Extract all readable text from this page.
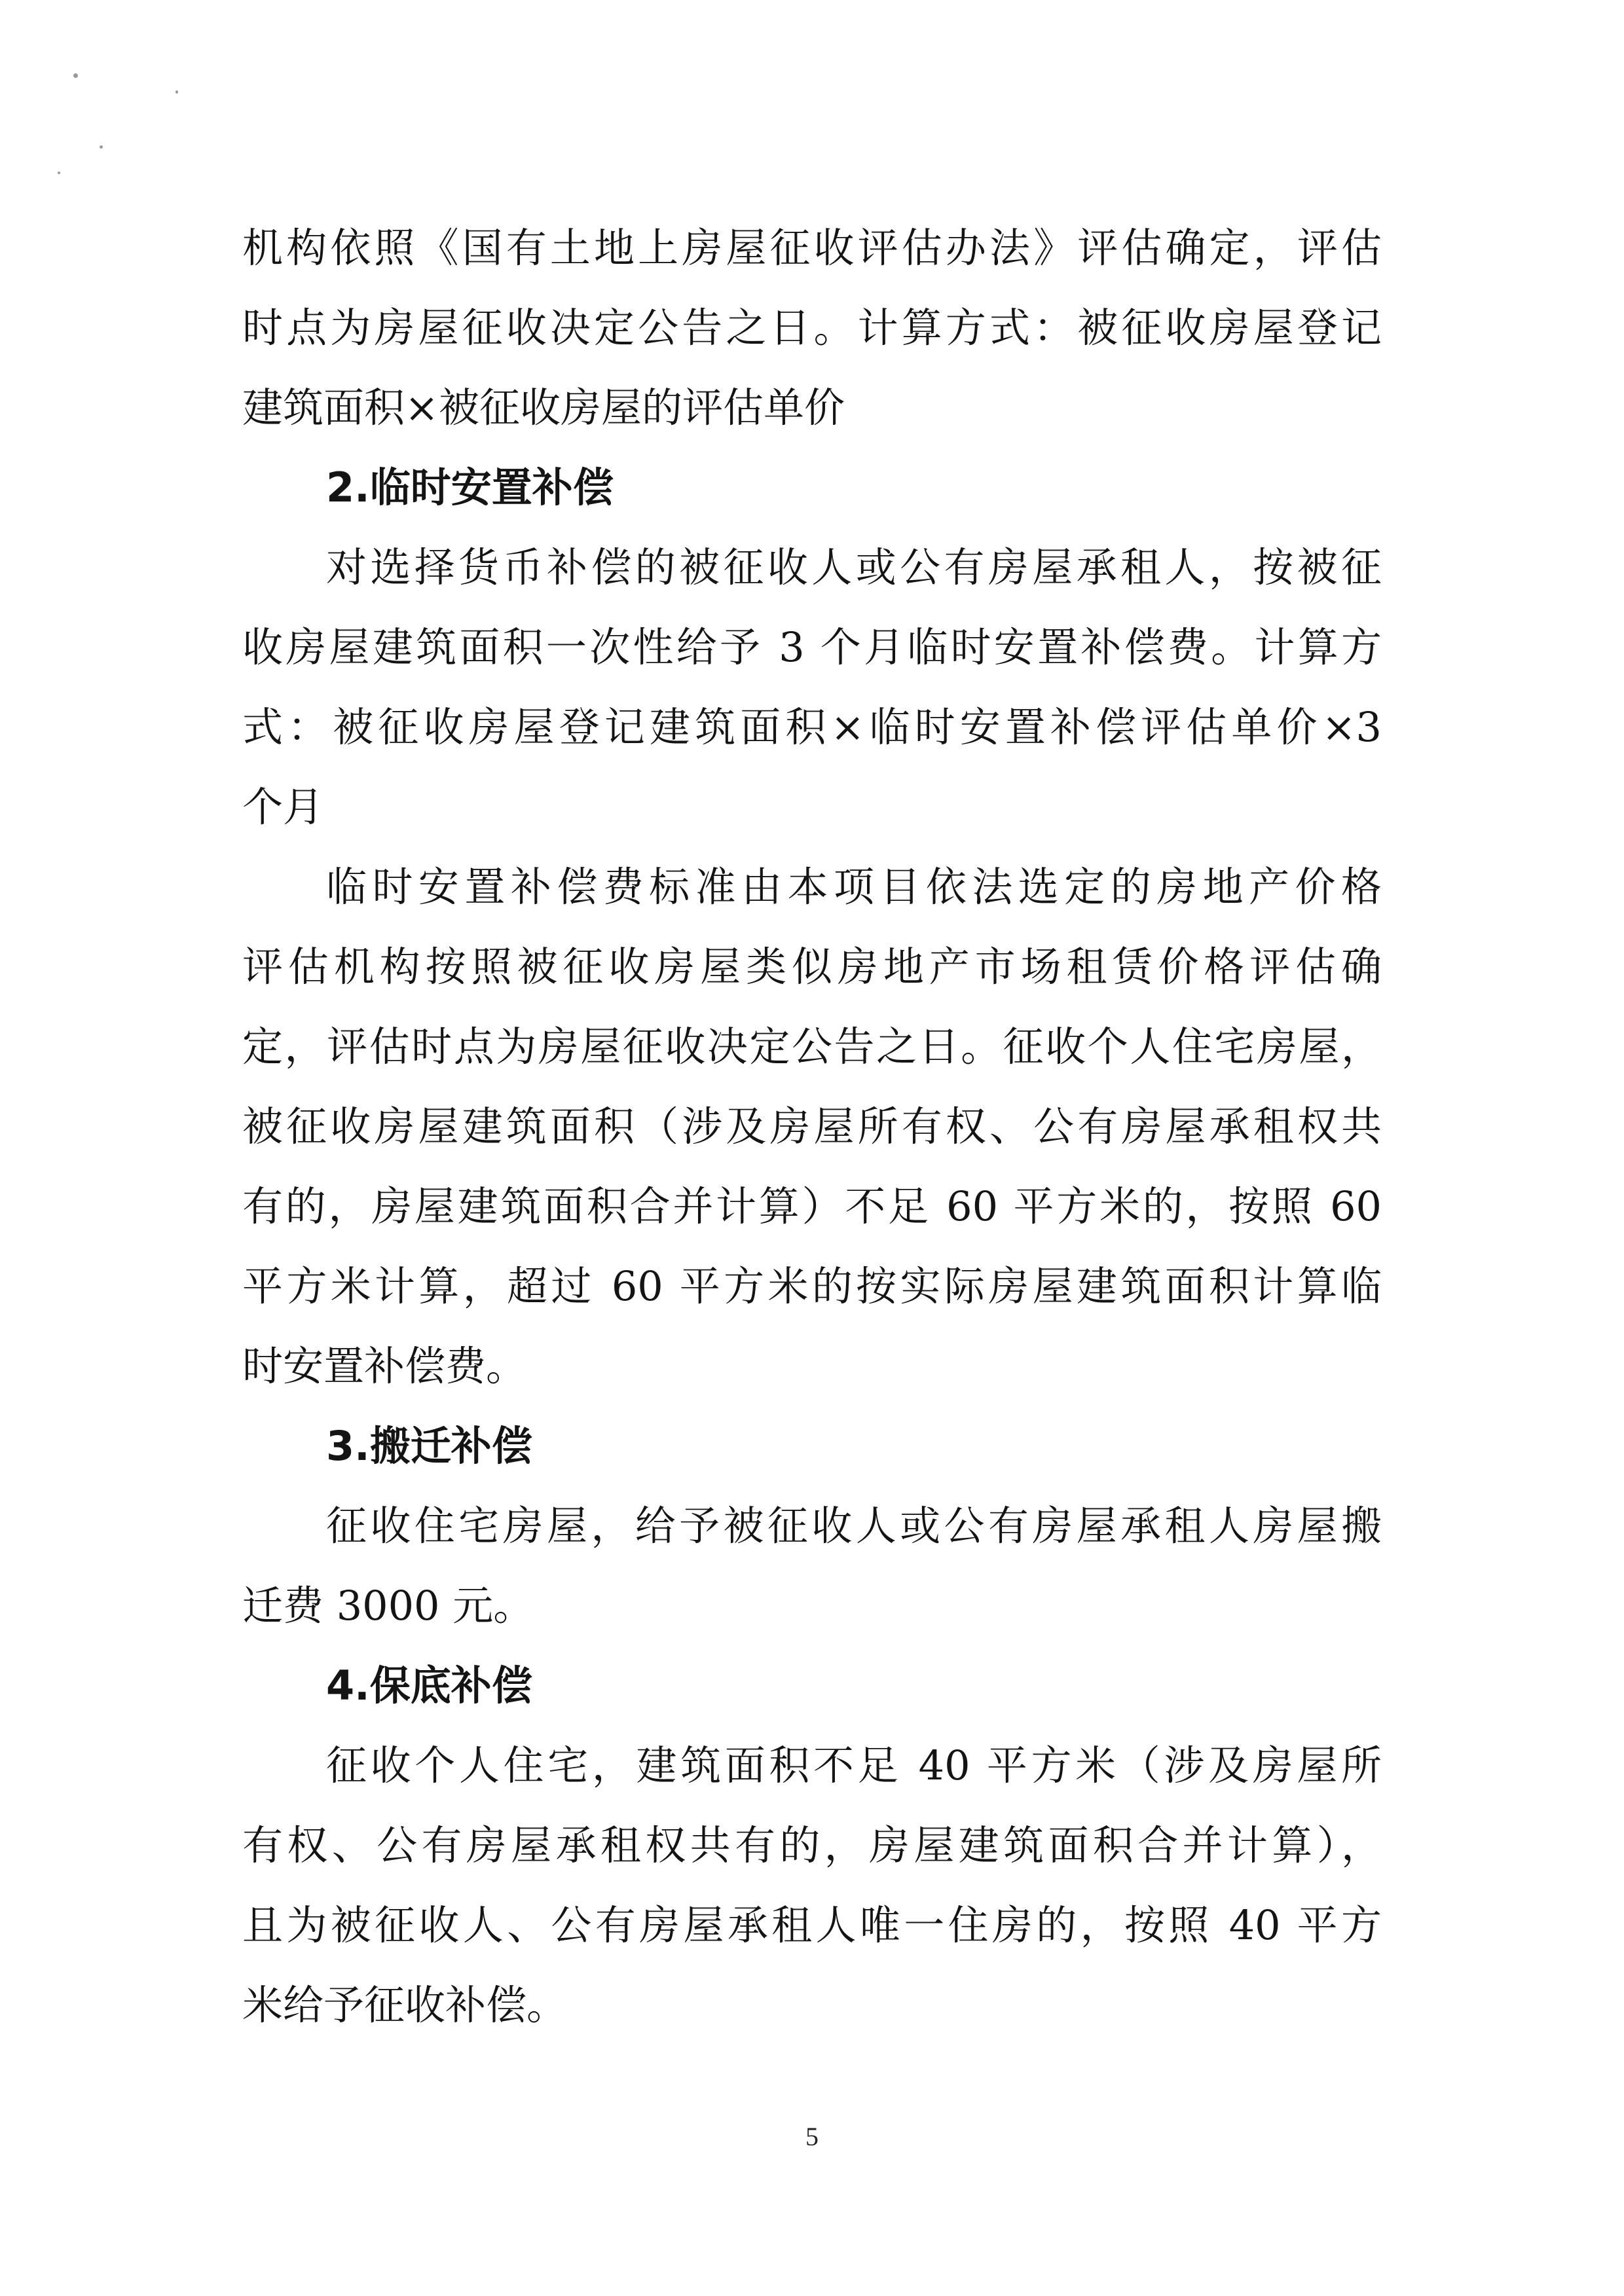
机构依照《国有土地上房屋征收评估办法》评估确定，评估
时点为房屋征收决定公告之日。计算方式：被征收房屋登记
建筑面积×被征收房屋的评估单价
2.临时安置补偿
对选择货币补偿的被征收人或公有房屋承租人，按被征
收房屋建筑面积一次性给予 3 个月临时安置补偿费。计算方
式：被征收房屋登记建筑面积×临时安置补偿评估单价×3
个月
临时安置补偿费标准由本项目依法选定的房地产价格
评估机构按照被征收房屋类似房地产市场租赁价格评估确
定，评估时点为房屋征收决定公告之日。征收个人住宅房屋，
被征收房屋建筑面积（涉及房屋所有权、公有房屋承租权共
有的，房屋建筑面积合并计算）不足 60 平方米的，按照 60
平方米计算，超过 60 平方米的按实际房屋建筑面积计算临
时安置补偿费。
3.搬迁补偿
征收住宅房屋，给予被征收人或公有房屋承租人房屋搬
迁费 3000 元。
4.保底补偿
征收个人住宅，建筑面积不足 40 平方米（涉及房屋所
有权、公有房屋承租权共有的，房屋建筑面积合并计算），
且为被征收人、公有房屋承租人唯一住房的，按照 40 平方
米给予征收补偿。
5
